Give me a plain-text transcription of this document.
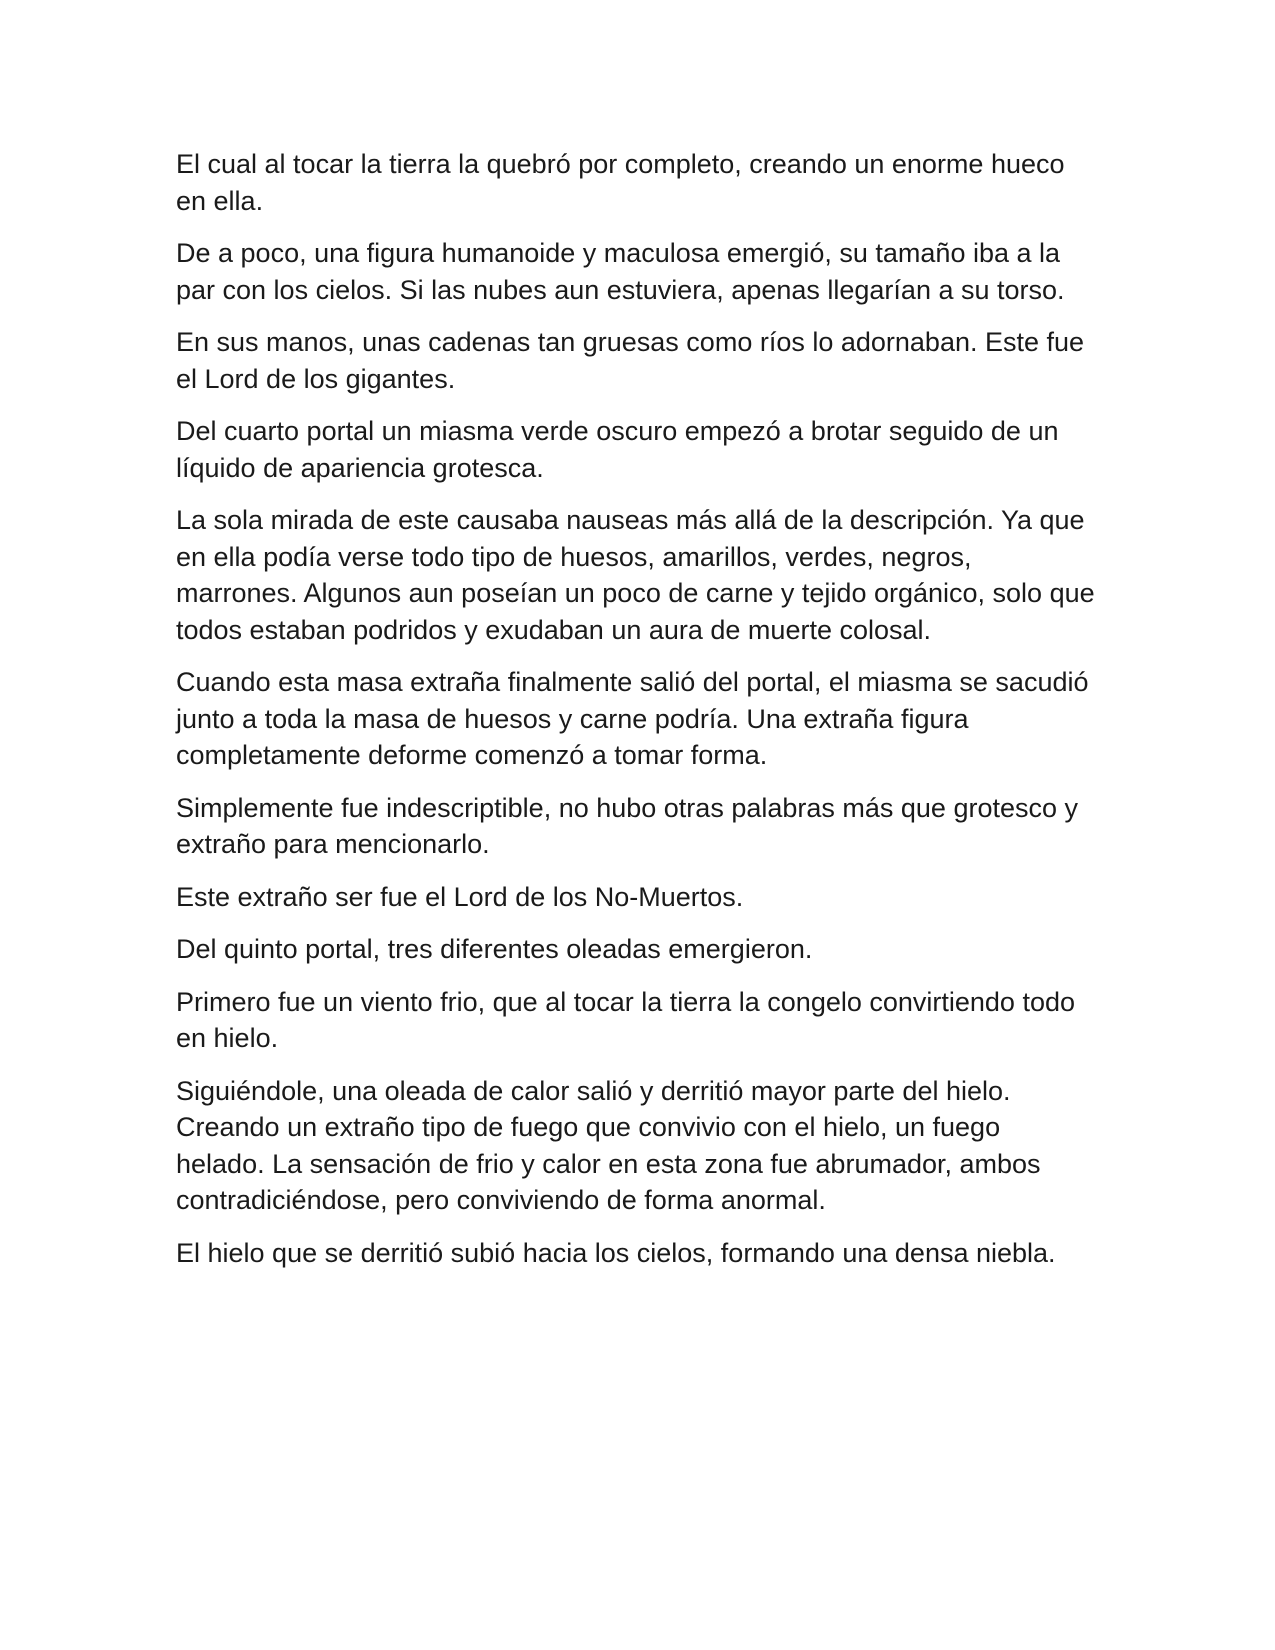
El cual al tocar la tierra la quebró por completo, creando un enorme hueco en ella.

De a poco, una figura humanoide y maculosa emergió, su tamaño iba a la par con los cielos. Si las nubes aun estuviera, apenas llegarían a su torso.

En sus manos, unas cadenas tan gruesas como ríos lo adornaban. Este fue el Lord de los gigantes.

Del cuarto portal un miasma verde oscuro empezó a brotar seguido de un líquido de apariencia grotesca.

La sola mirada de este causaba nauseas más allá de la descripción. Ya que en ella podía verse todo tipo de huesos, amarillos, verdes, negros, marrones. Algunos aun poseían un poco de carne y tejido orgánico, solo que todos estaban podridos y exudaban un aura de muerte colosal.

Cuando esta masa extraña finalmente salió del portal, el miasma se sacudió junto a toda la masa de huesos y carne podría. Una extraña figura completamente deforme comenzó a tomar forma.

Simplemente fue indescriptible, no hubo otras palabras más que grotesco y extraño para mencionarlo.

Este extraño ser fue el Lord de los No-Muertos.

Del quinto portal, tres diferentes oleadas emergieron.

Primero fue un viento frio, que al tocar la tierra la congelo convirtiendo todo en hielo.

Siguiéndole, una oleada de calor salió y derritió mayor parte del hielo. Creando un extraño tipo de fuego que convivio con el hielo, un fuego helado. La sensación de frio y calor en esta zona fue abrumador, ambos contradiciéndose, pero conviviendo de forma anormal.

El hielo que se derritió subió hacia los cielos, formando una densa niebla.
